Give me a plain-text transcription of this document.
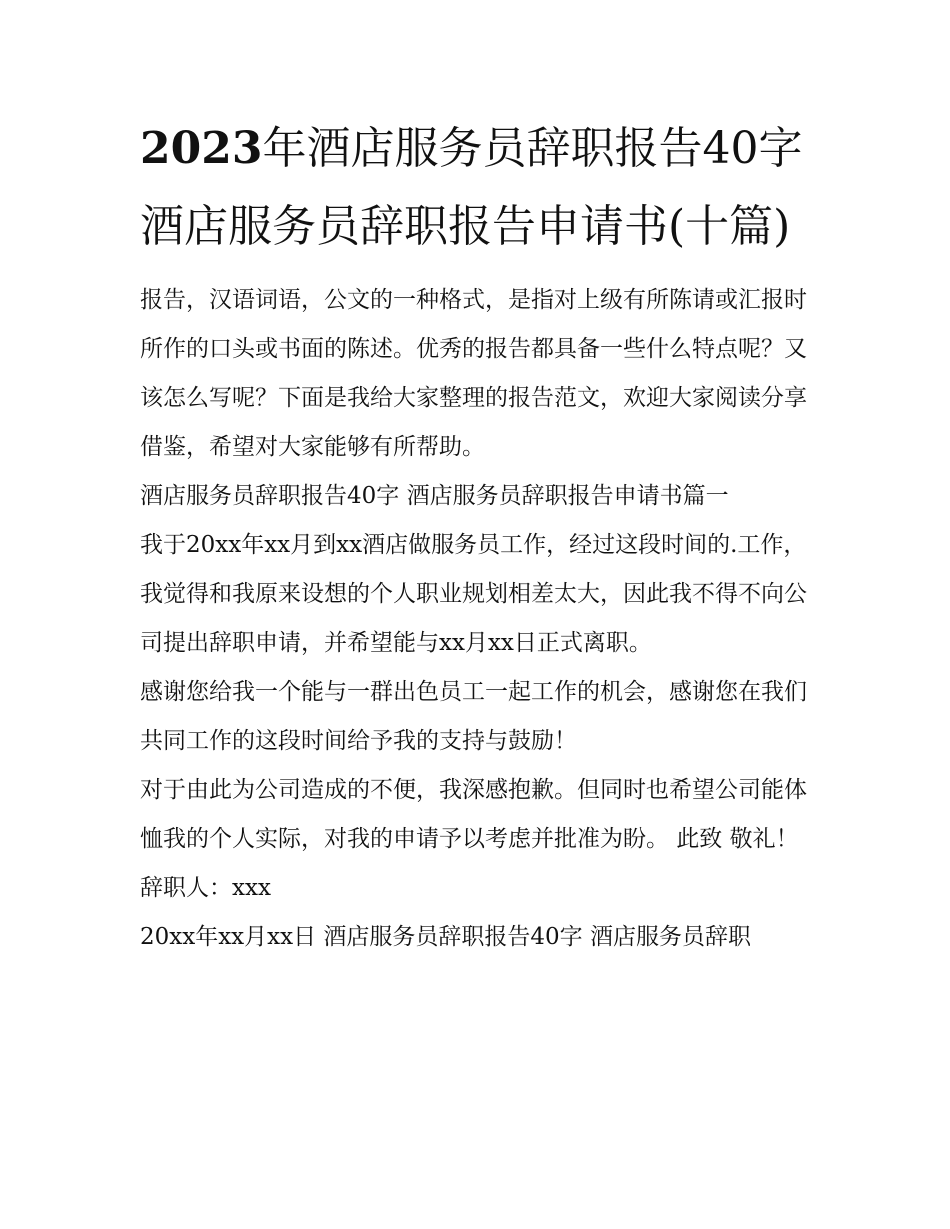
2023年酒店服务员辞职报告40字 酒店服务员辞职报告申请书(十篇)

报告，汉语词语，公文的一种格式，是指对上级有所陈请或汇报时所作的口头或书面的陈述。优秀的报告都具备一些什么特点呢？又该怎么写呢？下面是我给大家整理的报告范文，欢迎大家阅读分享借鉴，希望对大家能够有所帮助。

酒店服务员辞职报告40字 酒店服务员辞职报告申请书篇一

我于20xx年xx月到xx酒店做服务员工作，经过这段时间的.工作，我觉得和我原来设想的个人职业规划相差太大，因此我不得不向公司提出辞职申请，并希望能与xx月xx日正式离职。

感谢您给我一个能与一群出色员工一起工作的机会，感谢您在我们共同工作的这段时间给予我的支持与鼓励！

对于由此为公司造成的不便，我深感抱歉。但同时也希望公司能体恤我的个人实际，对我的申请予以考虑并批准为盼。 此致 敬礼！ 辞职人：xxx

20xx年xx月xx日 酒店服务员辞职报告40字 酒店服务员辞职
